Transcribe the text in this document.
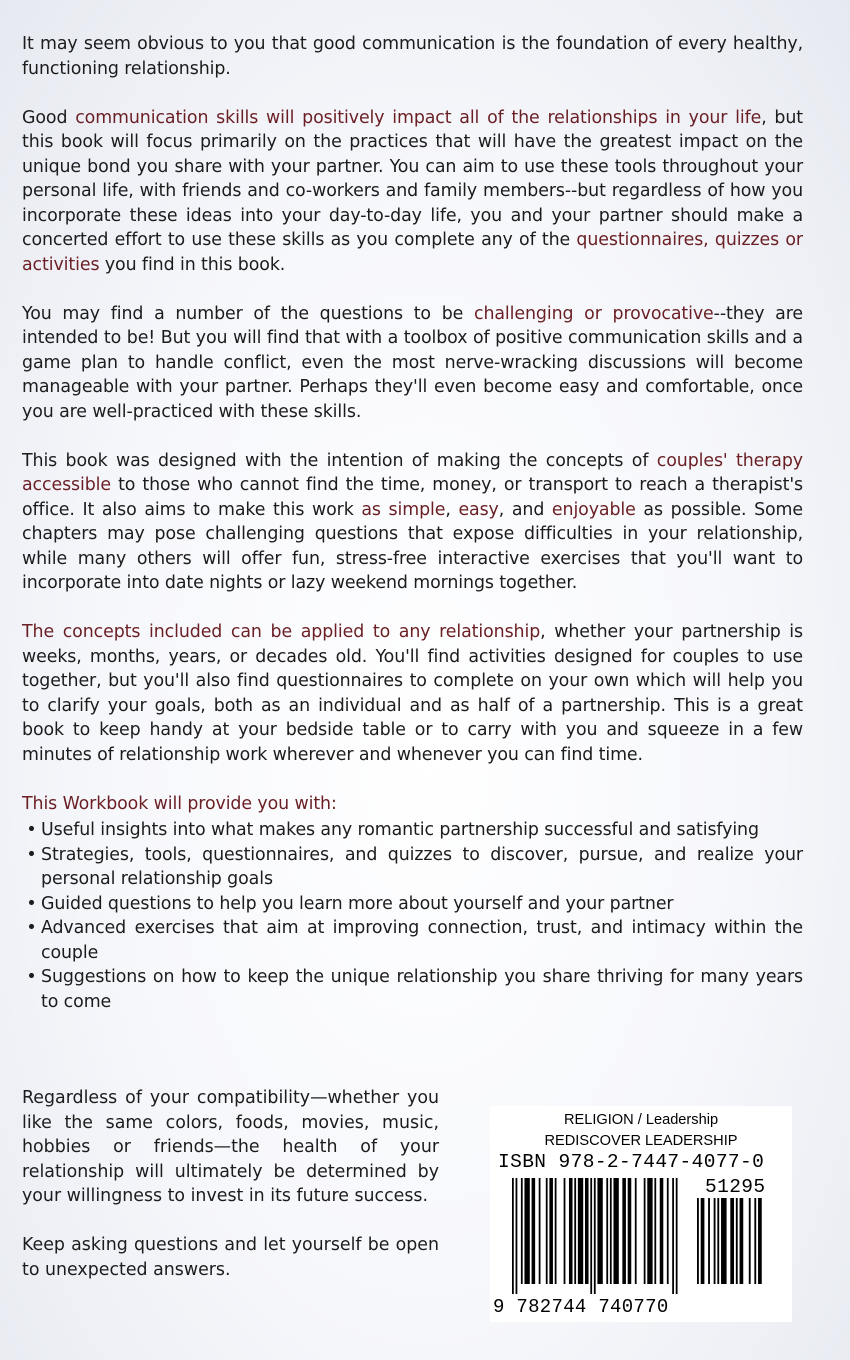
It may seem obvious to you that good communication is the foundation of every healthy, functioning relationship.

Good communication skills will positively impact all of the relationships in your life, but this book will focus primarily on the practices that will have the greatest impact on the unique bond you share with your partner. You can aim to use these tools throughout your personal life, with friends and co-workers and family members--but regardless of how you incorporate these ideas into your day-to-day life, you and your partner should make a concerted effort to use these skills as you complete any of the questionnaires, quizzes or activities you find in this book.

You may find a number of the questions to be challenging or provocative--they are intended to be! But you will find that with a toolbox of positive communication skills and a game plan to handle conflict, even the most nerve-wracking discussions will become manageable with your partner. Perhaps they'll even become easy and comfortable, once you are well-practiced with these skills.

This book was designed with the intention of making the concepts of couples' therapy accessible to those who cannot find the time, money, or transport to reach a therapist's office. It also aims to make this work as simple, easy, and enjoyable as possible. Some chapters may pose challenging questions that expose difficulties in your relationship, while many others will offer fun, stress-free interactive exercises that you'll want to incorporate into date nights or lazy weekend mornings together.

The concepts included can be applied to any relationship, whether your partnership is weeks, months, years, or decades old. You'll find activities designed for couples to use together, but you'll also find questionnaires to complete on your own which will help you to clarify your goals, both as an individual and as half of a partnership. This is a great book to keep handy at your bedside table or to carry with you and squeeze in a few minutes of relationship work wherever and whenever you can find time.

This Workbook will provide you with:

• Useful insights into what makes any romantic partnership successful and satisfying
• Strategies, tools, questionnaires, and quizzes to discover, pursue, and realize your personal relationship goals
• Guided questions to help you learn more about yourself and your partner
• Advanced exercises that aim at improving connection, trust, and intimacy within the couple
• Suggestions on how to keep the unique relationship you share thriving for many years to come

Regardless of your compatibility—whether you like the same colors, foods, movies, music, hobbies or friends—the health of your relationship will ultimately be determined by your willingness to invest in its future success.

Keep asking questions and let yourself be open to unexpected answers.

RELIGION / Leadership
REDISCOVER LEADERSHIP
ISBN 978-2-7447-4077-0
51295
9 782744 740770
